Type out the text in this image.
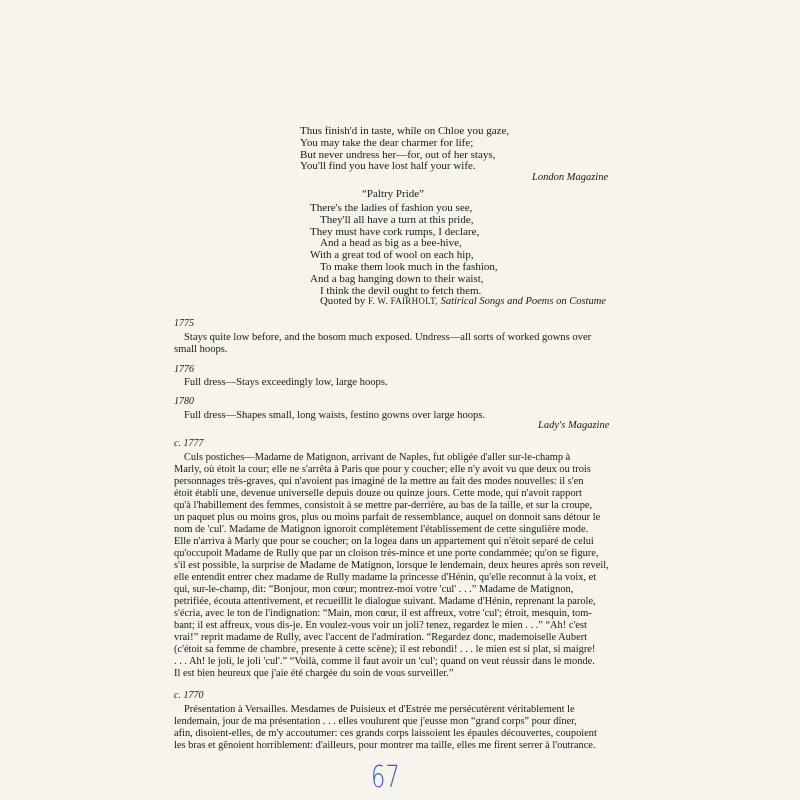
Thus finish'd in taste, while on Chloe you gaze,
You may take the dear charmer for life;
But never undress her—for, out of her stays,
You'll find you have lost half your wife.
London Magazine
“Paltry Pride”
There's the ladies of fashion you see,
They'll all have a turn at this pride,
They must have cork rumps, I declare,
And a head as big as a bee-hive,
With a great tod of wool on each hip,
To make them look much in the fashion,
And a bag hanging down to their waist,
I think the devil ought to fetch them.
Quoted by F. W. FAIRHOLT, Satirical Songs and Poems on Costume
1775
Stays quite low before, and the bosom much exposed. Undress—all sorts of worked gowns over
small hoops.
1776
Full dress—Stays exceedingly low, large hoops.
1780
Full dress—Shapes small, long waists, festino gowns over large hoops.
Lady's Magazine
c. 1777
Culs postiches—Madame de Matignon, arrivant de Naples, fut obligée d'aller sur-le-champ à
Marly, où étoit la cour; elle ne s'arrêta à Paris que pour y coucher; elle n'y avoit vu que deux ou trois
personnages très-graves, qui n'avoient pas imaginé de la mettre au fait des modes nouvelles: il s'en
étoit établi une, devenue universelle depuis douze ou quinze jours. Cette mode, qui n'avoit rapport
qu'à l'habillement des femmes, consistoit à se mettre par-derrière, au bas de la taille, et sur la croupe,
un paquet plus ou moins gros, plus ou moins parfait de ressemblance, auquel on donnoit sans détour le
nom de 'cul'. Madame de Matignon ignoroit complètement l'établissement de cette singulière mode.
Elle n'arriva à Marly que pour se coucher; on la logea dans un appartement qui n'étoit separé de celui
qu'occupoit Madame de Rully que par un cloison très-mince et une porte condammée; qu'on se figure,
s'il est possible, la surprise de Madame de Matignon, lorsque le lendemain, deux heures après son reveil,
elle entendit entrer chez madame de Rully madame la princesse d'Hénin, qu'elle reconnut à la voix, et
qui, sur-le-champ, dit: “Bonjour, mon cœur; montrez-moi votre 'cul' . . .” Madame de Matignon,
petrifiée, écouta attentivement, et recueillit le dialogue suivant. Madame d'Hénin, reprenant la parole,
s'écria, avec le ton de l'indignation: “Main, mon cœur, il est affreux, votre 'cul'; étroit, mesquin, tom-
bant; il est affreux, vous dis-je. En voulez-vous voir un joli? tenez, regardez le mien . . .” “Ah! c'est
vrai!” reprit madame de Rully, avec l'accent de l'admiration. “Regardez donc, mademoiselle Aubert
(c'étoit sa femme de chambre, presente à cette scène); il est rebondi! . . . le mien est si plat, si maigre!
. . . Ah! le joli, le joli 'cul'.” “Voilà, comme il faut avoir un 'cul'; quand on veut réussir dans le monde.
Il est bien heureux que j'aie été chargée du soin de vous surveiller.”
c. 1770
Présentation à Versailles. Mesdames de Puisieux et d'Estrée me persécutèrent véritablement le
lendemain, jour de ma présentation . . . elles voulurent que j'eusse mon “grand corps” pour dîner,
afin, disoient-elles, de m'y accoutumer: ces grands corps laissoient les épaules découvertes, coupoient
les bras et gênoient horriblement: d'ailleurs, pour montrer ma taille, elles me firent serrer à l'outrance.
67
